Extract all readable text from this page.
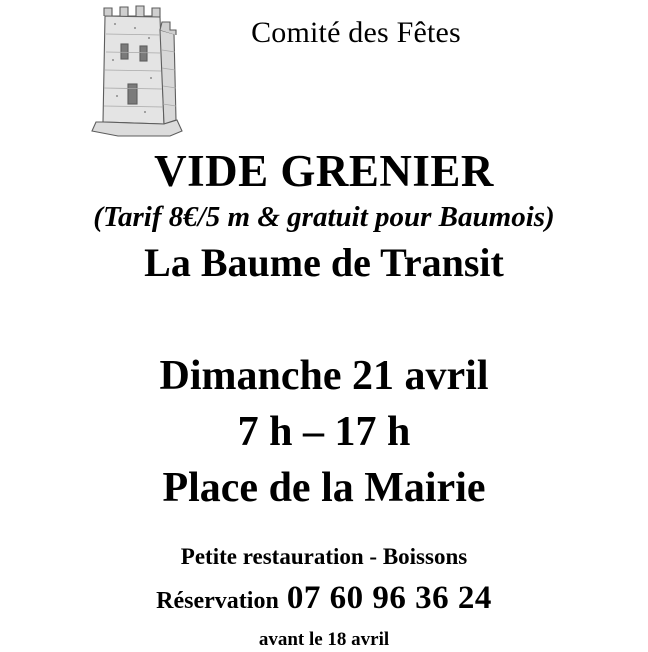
Comité des Fêtes
VIDE GRENIER
(Tarif 8€/5 m & gratuit pour Baumois)
La Baume de Transit
Dimanche 21 avril
7 h – 17 h
Place de la Mairie
Petite restauration - Boissons
Réservation 07 60 96 36 24
avant le 18 avril
